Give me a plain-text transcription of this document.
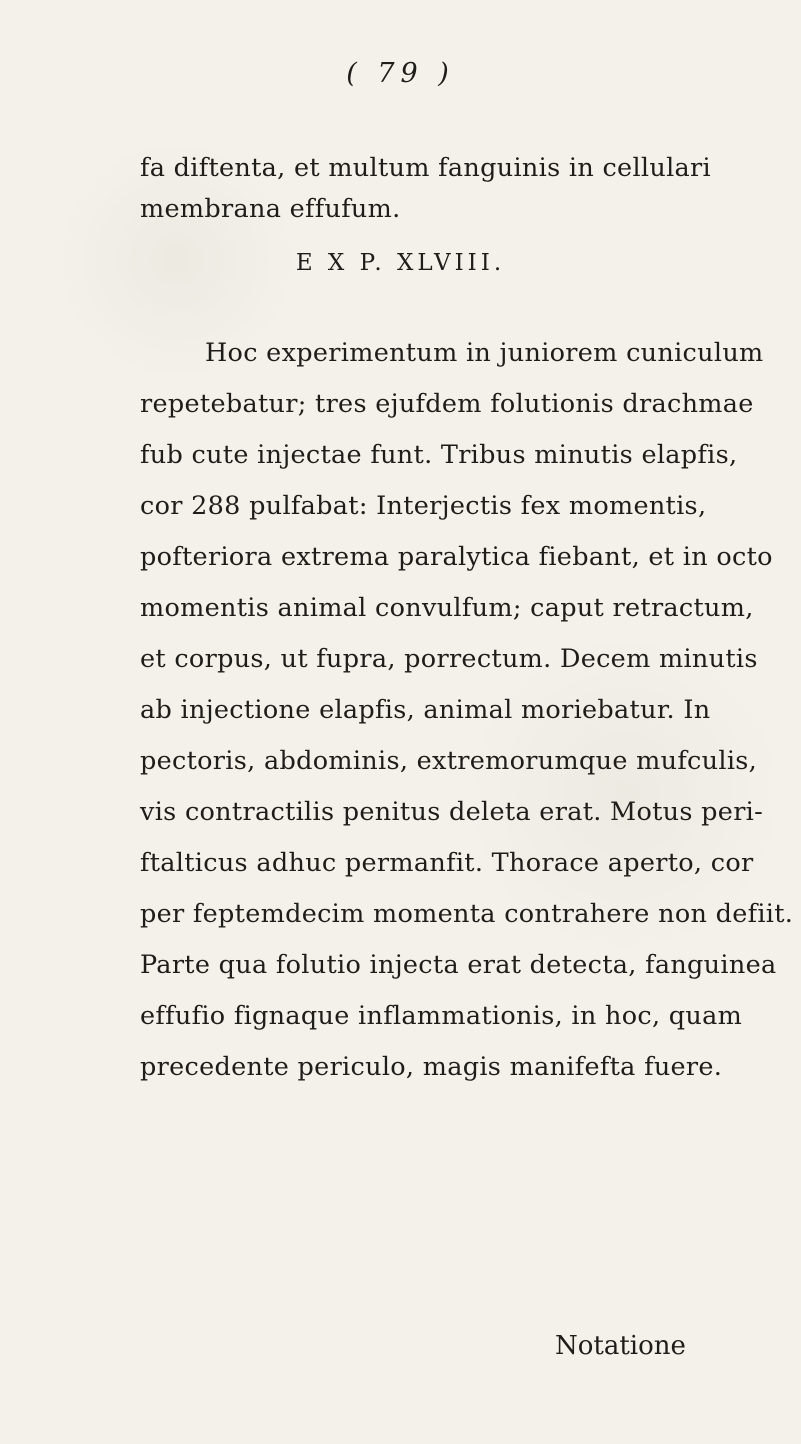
( 79 )
fa diftenta, et multum fanguinis in cellulari
membrana effufum.
E X P. XLVIII.
Hoc experimentum in juniorem cuniculum
repetebatur; tres ejufdem folutionis drachmae
fub cute injectae funt. Tribus minutis elapfis,
cor 288 pulfabat: Interjectis fex momentis,
pofteriora extrema paralytica fiebant, et in octo
momentis animal convulfum; caput retractum,
et corpus, ut fupra, porrectum. Decem minutis
ab injectione elapfis, animal moriebatur. In
pectoris, abdominis, extremorumque mufculis,
vis contractilis penitus deleta erat. Motus peri-
ftalticus adhuc permanfit. Thorace aperto, cor
per feptemdecim momenta contrahere non defiit.
Parte qua folutio injecta erat detecta, fanguinea
effufio fignaque inflammationis, in hoc, quam
precedente periculo, magis manifefta fuere.
Notatione
